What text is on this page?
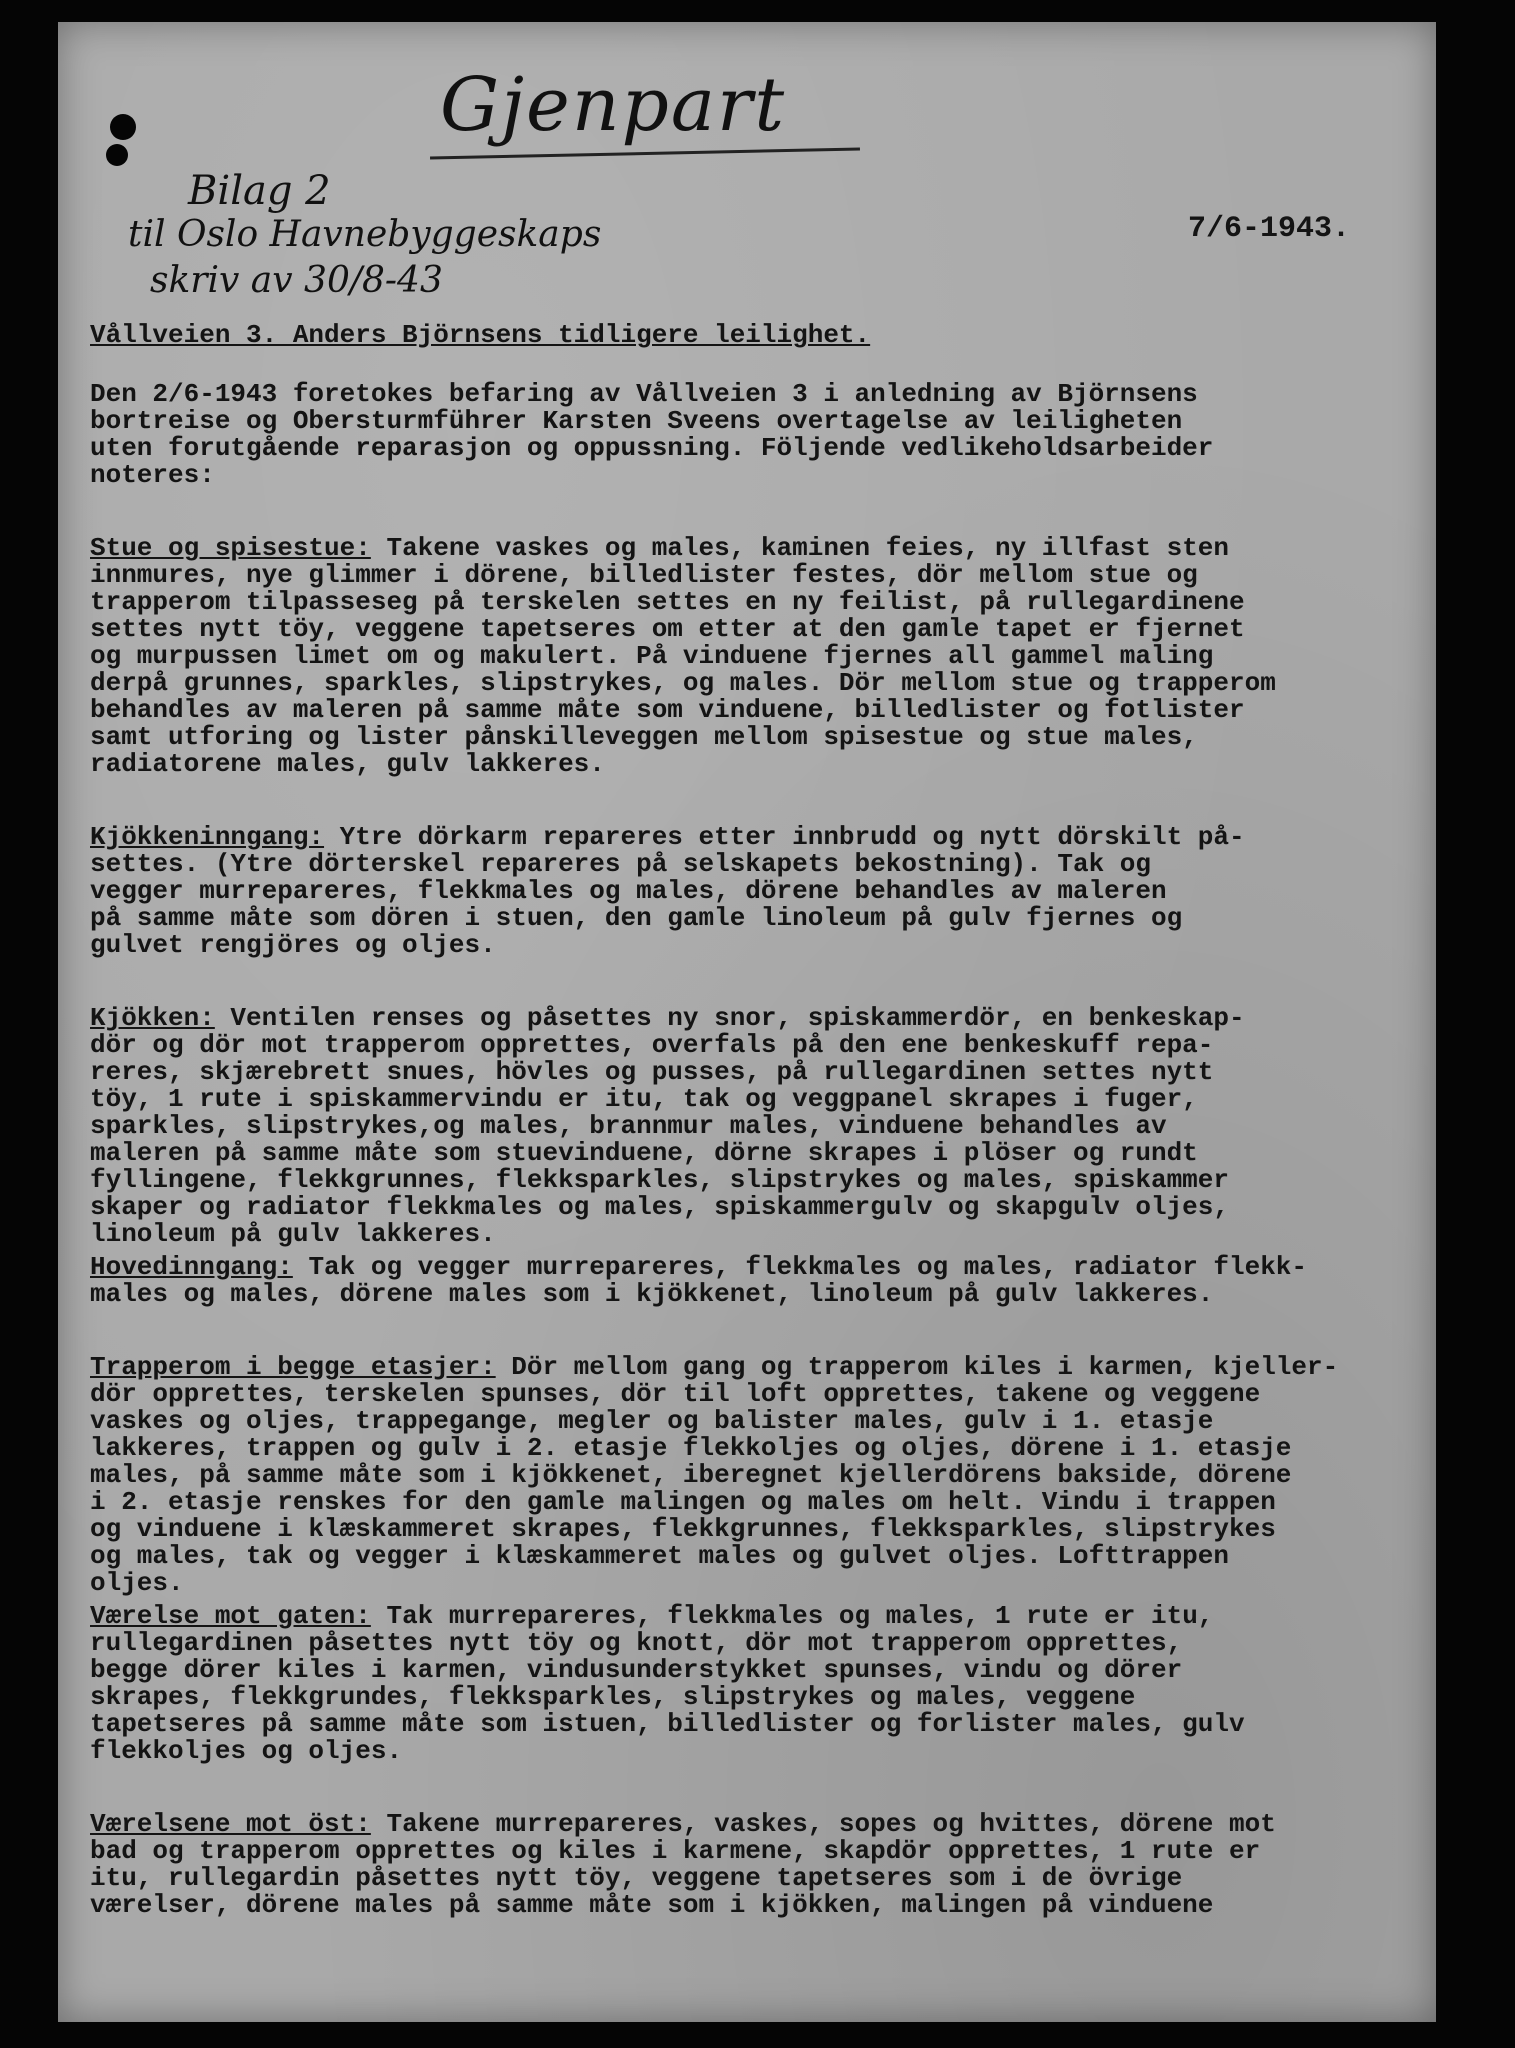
Gjenpart
Bilag 2
til Oslo Havnebyggeskaps
skriv av 30/8-43
7/6-1943.
Vållveien 3. Anders Björnsens tidligere leilighet.
Den 2/6-1943 foretokes befaring av Vållveien 3 i anledning av Björnsens
bortreise og Obersturmführer Karsten Sveens overtagelse av leiligheten
uten forutgående reparasjon og oppussning. Följende vedlikeholdsarbeider
noteres:
Stue og spisestue: Takene vaskes og males, kaminen feies, ny illfast sten
innmures, nye glimmer i dörene, billedlister festes, dör mellom stue og
trapperom tilpasseseg på terskelen settes en ny feilist, på rullegardinene
settes nytt töy, veggene tapetseres om etter at den gamle tapet er fjernet
og murpussen limet om og makulert. På vinduene fjernes all gammel maling
derpå grunnes, sparkles, slipstrykes, og males. Dör mellom stue og trapperom
behandles av maleren på samme måte som vinduene, billedlister og fotlister
samt utforing og lister pånskilleveggen mellom spisestue og stue males,
radiatorene males, gulv lakkeres.
Kjökkeninngang: Ytre dörkarm repareres etter innbrudd og nytt dörskilt på-
settes. (Ytre dörterskel repareres på selskapets bekostning). Tak og
vegger murrepareres, flekkmales og males, dörene behandles av maleren
på samme måte som dören i stuen, den gamle linoleum på gulv fjernes og
gulvet rengjöres og oljes.
Kjökken: Ventilen renses og påsettes ny snor, spiskammerdör, en benkeskap-
dör og dör mot trapperom opprettes, overfals på den ene benkeskuff repa-
reres, skjærebrett snues, hövles og pusses, på rullegardinen settes nytt
töy, 1 rute i spiskammervindu er itu, tak og veggpanel skrapes i fuger,
sparkles, slipstrykes,og males, brannmur males, vinduene behandles av
maleren på samme måte som stuevinduene, dörne skrapes i plöser og rundt
fyllingene, flekkgrunnes, flekksparkles, slipstrykes og males, spiskammer
skaper og radiator flekkmales og males, spiskammergulv og skapgulv oljes,
linoleum på gulv lakkeres.
Hovedinngang: Tak og vegger murrepareres, flekkmales og males, radiator flekk-
males og males, dörene males som i kjökkenet, linoleum på gulv lakkeres.
Trapperom i begge etasjer: Dör mellom gang og trapperom kiles i karmen, kjeller-
dör opprettes, terskelen spunses, dör til loft opprettes, takene og veggene
vaskes og oljes, trappegange, megler og balister males, gulv i 1. etasje
lakkeres, trappen og gulv i 2. etasje flekkoljes og oljes, dörene i 1. etasje
males, på samme måte som i kjökkenet, iberegnet kjellerdörens bakside, dörene
i 2. etasje renskes for den gamle malingen og males om helt. Vindu i trappen
og vinduene i klæskammeret skrapes, flekkgrunnes, flekksparkles, slipstrykes
og males, tak og vegger i klæskammeret males og gulvet oljes. Lofttrappen
oljes.
Værelse mot gaten: Tak murrepareres, flekkmales og males, 1 rute er itu,
rullegardinen påsettes nytt töy og knott, dör mot trapperom opprettes,
begge dörer kiles i karmen, vindusunderstykket spunses, vindu og dörer
skrapes, flekkgrundes, flekksparkles, slipstrykes og males, veggene
tapetseres på samme måte som istuen, billedlister og forlister males, gulv
flekkoljes og oljes.
Værelsene mot öst: Takene murrepareres, vaskes, sopes og hvittes, dörene mot
bad og trapperom opprettes og kiles i karmene, skapdör opprettes, 1 rute er
itu, rullegardin påsettes nytt töy, veggene tapetseres som i de övrige
værelser, dörene males på samme måte som i kjökken, malingen på vinduene
